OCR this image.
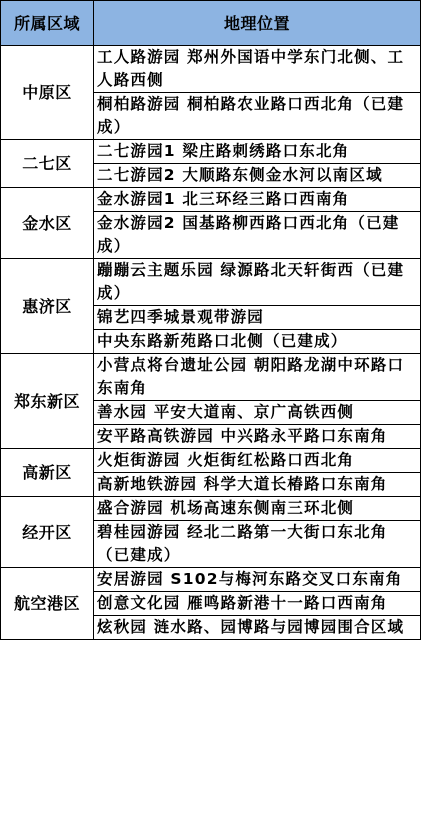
所属区域	地理位置
中原区	工人路游园 郑州外国语中学东门北侧、工人路西侧
	桐柏路游园 桐柏路农业路口西北角（已建成）
二七区	二七游园1 梁庄路刺绣路口东北角
	二七游园2 大顺路东侧金水河以南区域
金水区	金水游园1 北三环经三路口西南角
	金水游园2 国基路柳西路口西北角（已建成）
惠济区	蹦蹦云主题乐园 绿源路北天轩街西（已建成）
	锦艺四季城景观带游园
	中央东路新苑路口北侧（已建成）
郑东新区	小营点将台遗址公园 朝阳路龙湖中环路口东南角
	善水园 平安大道南、京广高铁西侧
	安平路高铁游园 中兴路永平路口东南角
高新区	火炬街游园 火炬街红松路口西北角
	高新地铁游园 科学大道长椿路口东南角
经开区	盛合游园 机场高速东侧南三环北侧
	碧桂园游园 经北二路第一大街口东北角（已建成）
航空港区	安居游园 S102与梅河东路交叉口东南角
	创意文化园 雁鸣路新港十一路口西南角
	炫秋园 涟水路、园博路与园博园围合区域
